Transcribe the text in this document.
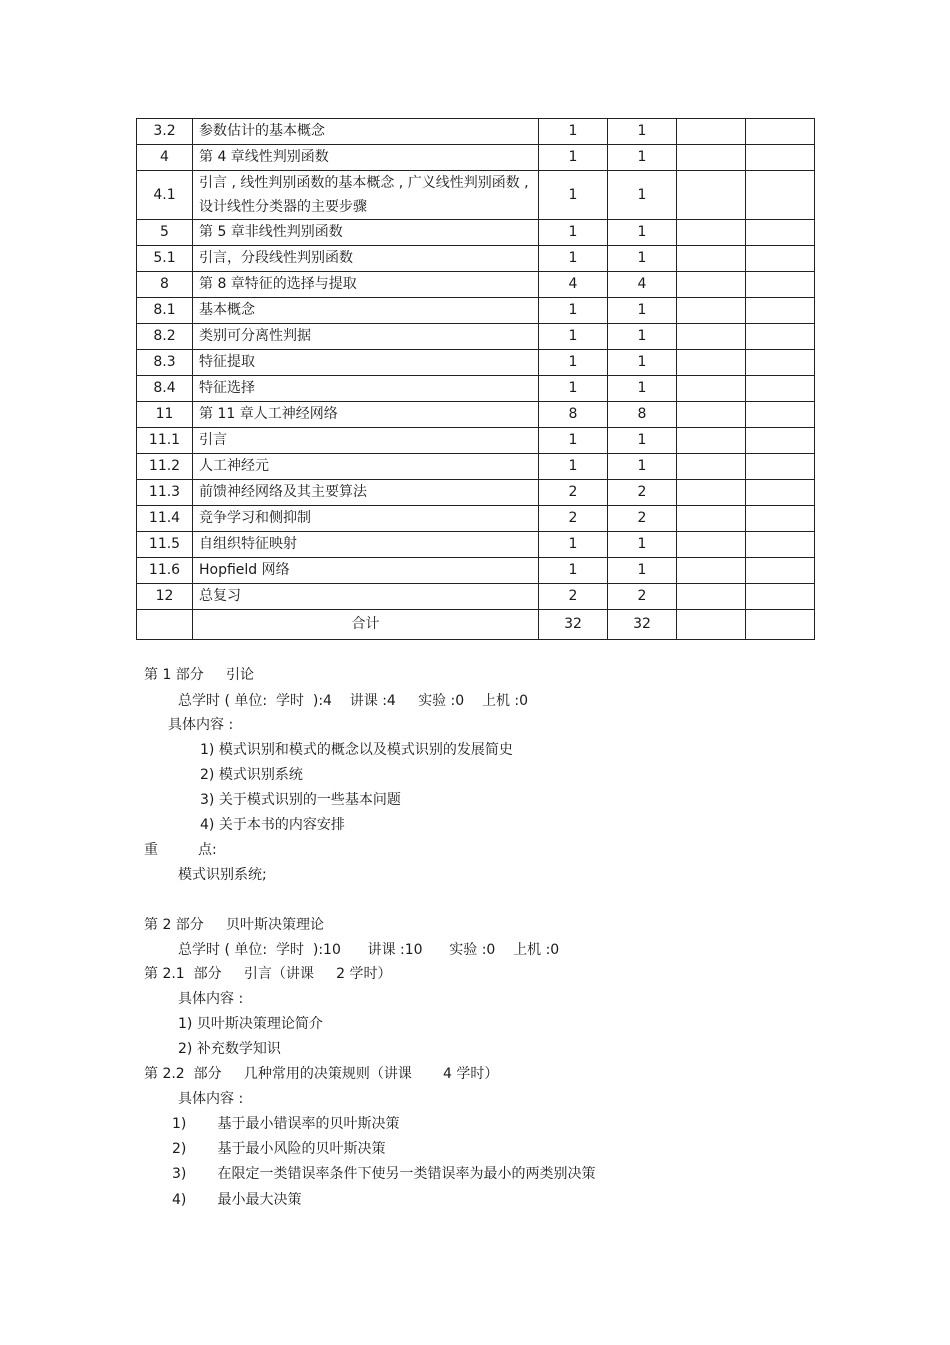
3.2	参数估计的基本概念	1	1		
4	第 4 章线性判别函数	1	1		
4.1	引言 , 线性判别函数的基本概念 , 广义线性判别函数 , 设计线性分类器的主要步骤	1	1		
5	第 5 章非线性判别函数	1	1		
5.1	引言，分段线性判别函数	1	1		
8	第 8 章特征的选择与提取	4	4		
8.1	基本概念	1	1		
8.2	类别可分离性判据	1	1		
8.3	特征提取	1	1		
8.4	特征选择	1	1		
11	第 11 章人工神经网络	8	8		
11.1	引言	1	1		
11.2	人工神经元	1	1		
11.3	前馈神经网络及其主要算法	2	2		
11.4	竞争学习和侧抑制	2	2		
11.5	自组织特征映射	1	1		
11.6	Hopfield 网络	1	1		
12	总复习	2	2		
	合计	32	32		
第 1 部分     引论
总学时 ( 单位:  学时  ):4    讲课 :4     实验 :0    上机 :0
具体内容 :
1) 模式识别和模式的概念以及模式识别的发展简史
2) 模式识别系统
3) 关于模式识别的一些基本问题
4) 关于本书的内容安排
重         点:
模式识别系统;
第 2 部分     贝叶斯决策理论
总学时 ( 单位:  学时  ):10      讲课 :10      实验 :0    上机 :0
第 2.1  部分     引言（讲课     2 学时）
具体内容 :
1) 贝叶斯决策理论简介
2) 补充数学知识
第 2.2  部分     几种常用的决策规则（讲课       4 学时）
具体内容 :
1)       基于最小错误率的贝叶斯决策
2)       基于最小风险的贝叶斯决策
3)       在限定一类错误率条件下使另一类错误率为最小的两类别决策
4)       最小最大决策
